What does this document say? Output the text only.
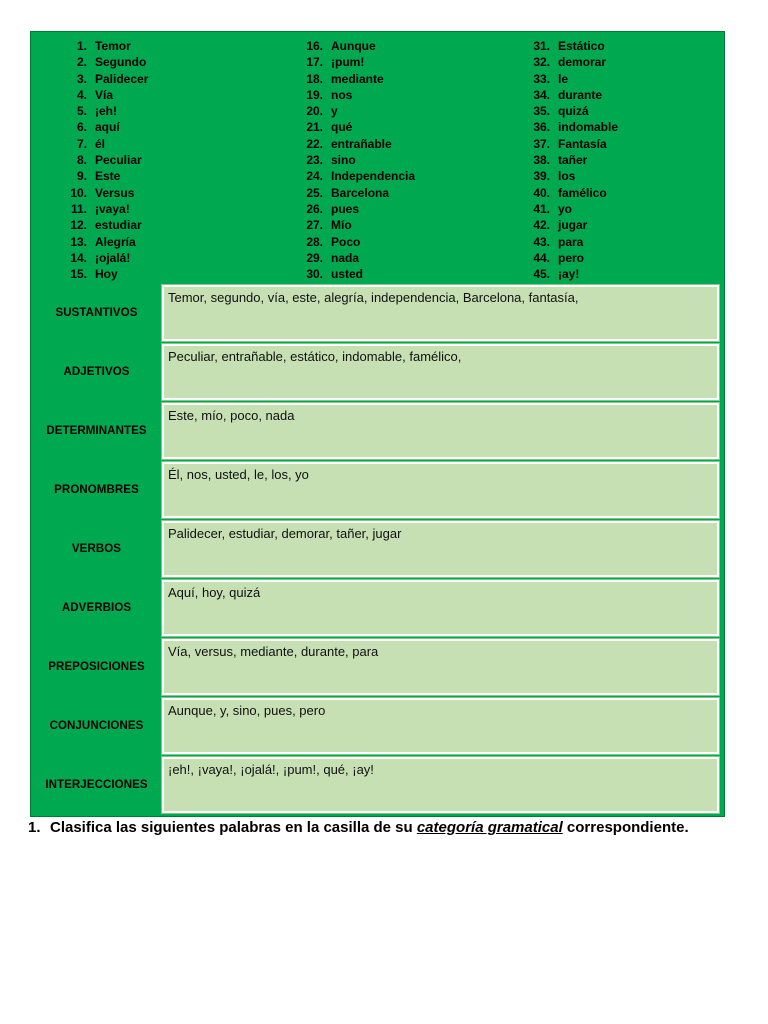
1. Temor
2. Segundo
3. Palidecer
4. Vía
5. ¡eh!
6. aquí
7. él
8. Peculiar
9. Este
10. Versus
11. ¡vaya!
12. estudiar
13. Alegría
14. ¡ojalá!
15. Hoy
16. Aunque
17. ¡pum!
18. mediante
19. nos
20. y
21. qué
22. entrañable
23. sino
24. Independencia
25. Barcelona
26. pues
27. Mío
28. Poco
29. nada
30. usted
31. Estático
32. demorar
33. le
34. durante
35. quizá
36. indomable
37. Fantasía
38. tañer
39. los
40. famélico
41. yo
42. jugar
43. para
44. pero
45. ¡ay!
SUSTANTIVOS
Temor, segundo, vía, este, alegría, independencia, Barcelona, fantasía,
ADJETIVOS
Peculiar, entrañable, estático, indomable, famélico,
DETERMINANTES
Este, mío, poco, nada
PRONOMBRES
Él, nos, usted, le, los, yo
VERBOS
Palidecer, estudiar, demorar, tañer, jugar
ADVERBIOS
Aquí, hoy, quizá
PREPOSICIONES
Vía, versus, mediante, durante, para
CONJUNCIONES
Aunque, y, sino, pues, pero
INTERJECCIONES
¡eh!, ¡vaya!, ¡ojalá!, ¡pum!, qué, ¡ay!
1. Clasifica las siguientes palabras en la casilla de su categoría gramatical correspondiente.
